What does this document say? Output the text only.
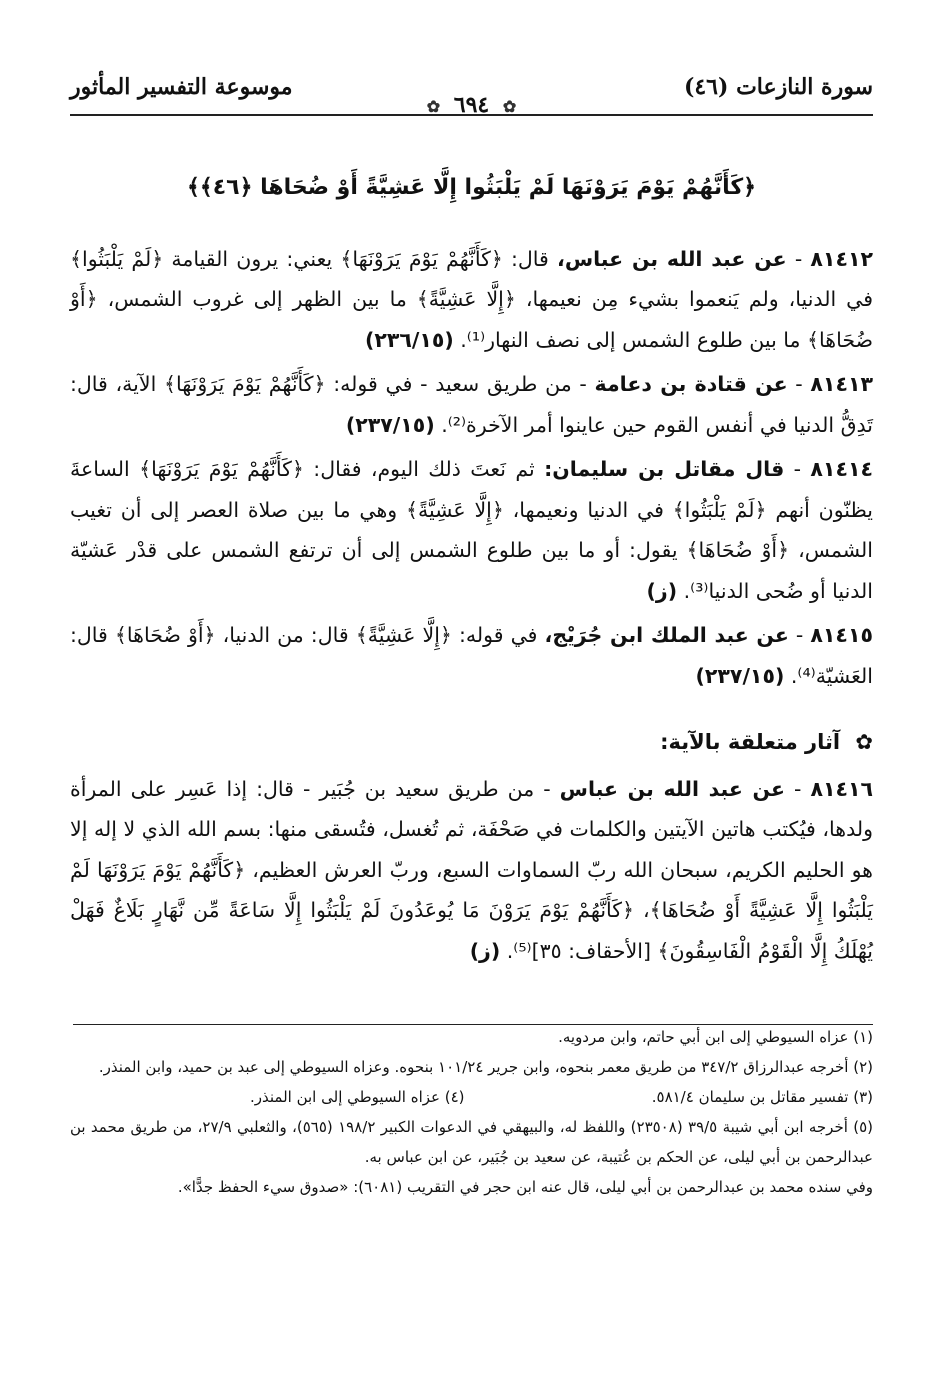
سورة النازعات (٤٦)
موسوعة التفسير المأثور
✿ ٦٩٤ ✿
﴿كَأَنَّهُمْ يَوْمَ يَرَوْنَهَا لَمْ يَلْبَثُوا إِلَّا عَشِيَّةً أَوْ ضُحَاهَا ﴿٤٦﴾﴾

٨١٤١٢ - عن عبد الله بن عباس، قال: ﴿كَأَنَّهُمْ يَوْمَ يَرَوْنَهَا﴾ يعني: يرون القيامة ﴿لَمْ يَلْبَثُوا﴾ في الدنيا، ولم يَنعموا بشيء مِن نعيمها، ﴿إِلَّا عَشِيَّةً﴾ ما بين الظهر إلى غروب الشمس، ﴿أَوْ ضُحَاهَا﴾ ما بين طلوع الشمس إلى نصف النهار⁽¹⁾. (٢٣٦/١٥)

٨١٤١٣ - عن قتادة بن دعامة - من طريق سعيد - في قوله: ﴿كَأَنَّهُمْ يَوْمَ يَرَوْنَهَا﴾ الآية، قال: تَدِقُّ الدنيا في أنفس القوم حين عاينوا أمر الآخرة⁽²⁾. (٢٣٧/١٥)

٨١٤١٤ - قال مقاتل بن سليمان: ثم نَعتَ ذلك اليوم، فقال: ﴿كَأَنَّهُمْ يَوْمَ يَرَوْنَهَا﴾ الساعةَ يظنّون أنهم ﴿لَمْ يَلْبَثُوا﴾ في الدنيا ونعيمها، ﴿إِلَّا عَشِيَّةً﴾ وهي ما بين صلاة العصر إلى أن تغيب الشمس، ﴿أَوْ ضُحَاهَا﴾ يقول: أو ما بين طلوع الشمس إلى أن ترتفع الشمس على قدْر عَشيّة الدنيا أو ضُحى الدنيا⁽³⁾. (ز)

٨١٤١٥ - عن عبد الملك ابن جُرَيْج، في قوله: ﴿إِلَّا عَشِيَّةً﴾ قال: من الدنيا، ﴿أَوْ ضُحَاهَا﴾ قال: العَشيّة⁽⁴⁾. (٢٣٧/١٥)

✿ آثار متعلقة بالآية:

٨١٤١٦ - عن عبد الله بن عباس - من طريق سعيد بن جُبَير - قال: إذا عَسِر على المرأة ولدها، فيُكتب هاتين الآيتين والكلمات في صَحْفَة، ثم تُغسل، فتُسقى منها: بسم الله الذي لا إله إلا هو الحليم الكريم، سبحان الله ربّ السماوات السبع، وربّ العرش العظيم، ﴿كَأَنَّهُمْ يَوْمَ يَرَوْنَهَا لَمْ يَلْبَثُوا إِلَّا عَشِيَّةً أَوْ ضُحَاهَا﴾، ﴿كَأَنَّهُمْ يَوْمَ يَرَوْنَ مَا يُوعَدُونَ لَمْ يَلْبَثُوا إِلَّا سَاعَةً مِّن نَّهَارٍ بَلَاغٌ فَهَلْ يُهْلَكُ إِلَّا الْقَوْمُ الْفَاسِقُونَ﴾ [الأحقاف: ٣٥]⁽⁵⁾. (ز)

(١) عزاه السيوطي إلى ابن أبي حاتم، وابن مردويه.

(٢) أخرجه عبدالرزاق ٣٤٧/٢ من طريق معمر بنحوه، وابن جرير ١٠١/٢٤ بنحوه. وعزاه السيوطي إلى عبد بن حميد، وابن المنذر.

(٣) تفسير مقاتل بن سليمان ٥٨١/٤.
(٤) عزاه السيوطي إلى ابن المنذر.

(٥) أخرجه ابن أبي شيبة ٣٩/٥ (٢٣٥٠٨) واللفظ له، والبيهقي في الدعوات الكبير ١٩٨/٢ (٥٦٥)، والثعلبي ٢٧/٩، من طريق محمد بن عبدالرحمن بن أبي ليلى، عن الحكم بن عُتيبة، عن سعيد بن جُبَير، عن ابن عباس به.

وفي سنده محمد بن عبدالرحمن بن أبي ليلى، قال عنه ابن حجر في التقريب (٦٠٨١): «صدوق سيء الحفظ جدًّا».
